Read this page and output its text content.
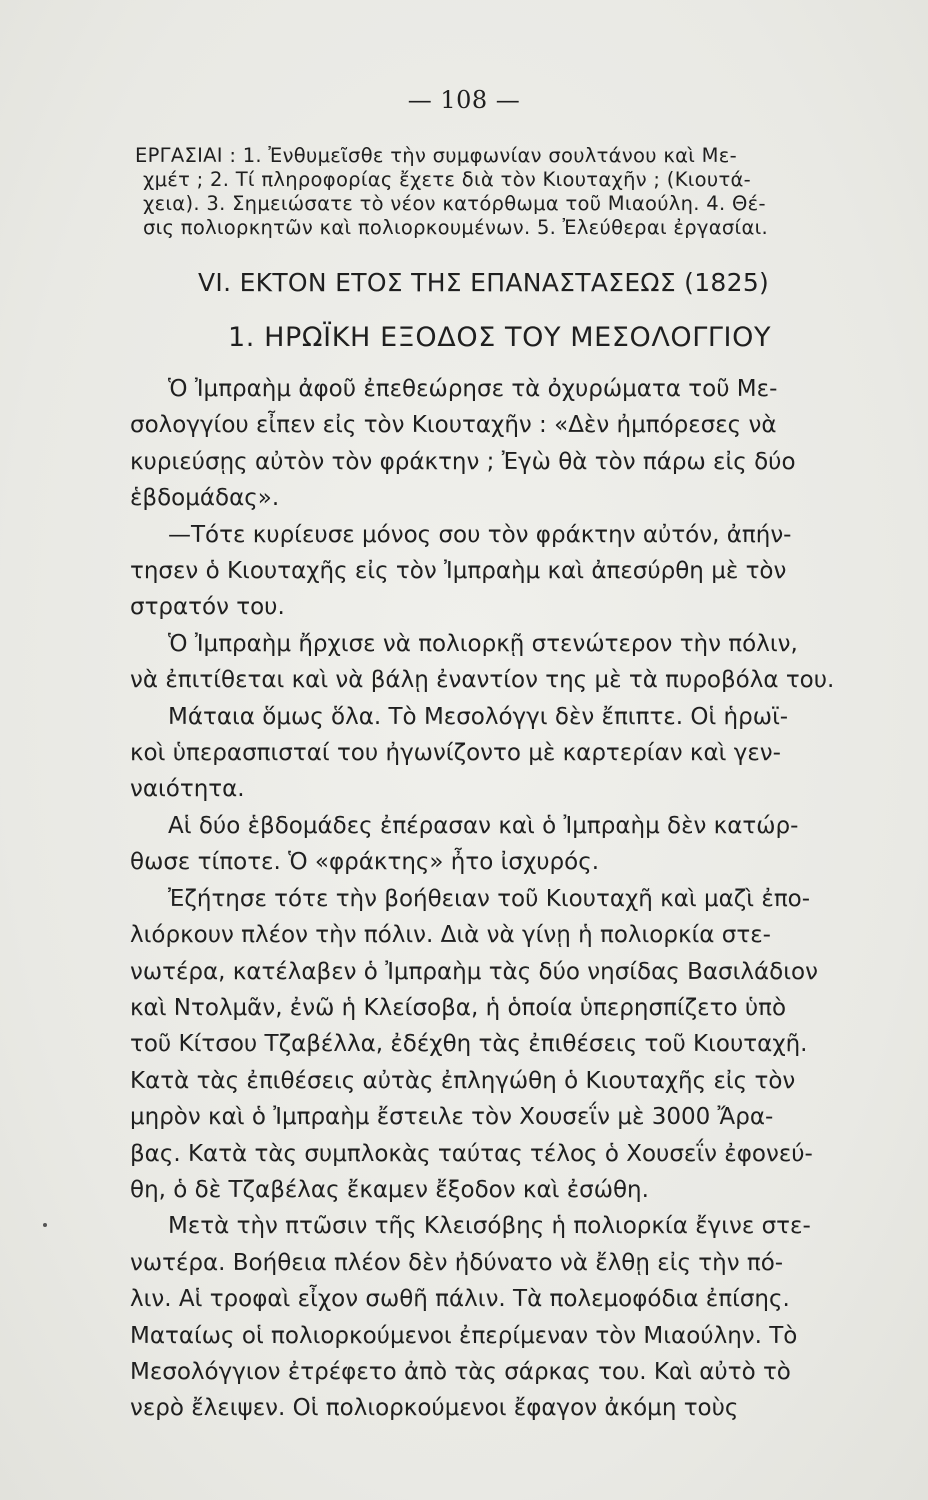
— 108 —
ΕΡΓΑΣΙΑΙ : 1. Ἐνθυμεῖσθε τὴν συμφωνίαν σουλτάνου καὶ Με-
χμέτ ; 2. Τί πληροφορίας ἔχετε διὰ τὸν Κιουταχῆν ; (Κιουτά-
χεια). 3. Σημειώσατε τὸ νέον κατόρθωμα τοῦ Μιαούλη. 4. Θέ-
σις πολιορκητῶν καὶ πολιορκουμένων. 5. Ἐλεύθεραι ἐργασίαι.
VI. ΕΚΤΟΝ ΕΤΟΣ ΤΗΣ ΕΠΑΝΑΣΤΑΣΕΩΣ (1825)
1. ΗΡΩΪΚΗ ΕΞΟΔΟΣ ΤΟΥ ΜΕΣΟΛΟΓΓΙΟΥ
Ὁ Ἰμπραὴμ ἀφοῦ ἐπεθεώρησε τὰ ὀχυρώματα τοῦ Με-
σολογγίου εἶπεν εἰς τὸν Κιουταχῆν : «Δὲν ἠμπόρεσες νὰ
κυριεύσῃς αὐτὸν τὸν φράκτην ; Ἐγὼ θὰ τὸν πάρω εἰς δύο
ἑβδομάδας».
—Τότε κυρίευσε μόνος σου τὸν φράκτην αὐτόν, ἀπήν-
τησεν ὁ Κιουταχῆς εἰς τὸν Ἰμπραὴμ καὶ ἀπεσύρθη μὲ τὸν
στρατόν του.
Ὁ Ἰμπραὴμ ἤρχισε νὰ πολιορκῇ στενώτερον τὴν πόλιν,
νὰ ἐπιτίθεται καὶ νὰ βάλῃ ἐναντίον της μὲ τὰ πυροβόλα του.
Μάταια ὅμως ὅλα. Τὸ Μεσολόγγι δὲν ἔπιπτε. Οἱ ἡρωϊ-
κοὶ ὑπερασπισταί του ἠγωνίζοντο μὲ καρτερίαν καὶ γεν-
ναιότητα.
Αἱ δύο ἑβδομάδες ἐπέρασαν καὶ ὁ Ἰμπραὴμ δὲν κατώρ-
θωσε τίποτε. Ὁ «φράκτης» ἦτο ἰσχυρός.
Ἐζήτησε τότε τὴν βοήθειαν τοῦ Κιουταχῆ καὶ μαζὶ ἐπο-
λιόρκουν πλέον τὴν πόλιν. Διὰ νὰ γίνῃ ἡ πολιορκία στε-
νωτέρα, κατέλαβεν ὁ Ἰμπραὴμ τὰς δύο νησίδας Βασιλάδιον
καὶ Ντολμᾶν, ἐνῶ ἡ Κλείσοβα, ἡ ὁποία ὑπερησπίζετο ὑπὸ
τοῦ Κίτσου Τζαβέλλα, ἐδέχθη τὰς ἐπιθέσεις τοῦ Κιουταχῆ.
Κατὰ τὰς ἐπιθέσεις αὐτὰς ἐπληγώθη ὁ Κιουταχῆς εἰς τὸν
μηρὸν καὶ ὁ Ἰμπραὴμ ἔστειλε τὸν Χουσεΐν μὲ 3000 Ἄρα-
βας. Κατὰ τὰς συμπλοκὰς ταύτας τέλος ὁ Χουσεΐν ἐφονεύ-
θη, ὁ δὲ Τζαβέλας ἔκαμεν ἔξοδον καὶ ἐσώθη.
Μετὰ τὴν πτῶσιν τῆς Κλεισόβης ἡ πολιορκία ἔγινε στε-
νωτέρα. Βοήθεια πλέον δὲν ἠδύνατο νὰ ἔλθῃ εἰς τὴν πό-
λιν. Αἱ τροφαὶ εἶχον σωθῆ πάλιν. Τὰ πολεμοφόδια ἐπίσης.
Ματαίως οἱ πολιορκούμενοι ἐπερίμεναν τὸν Μιαούλην. Τὸ
Μεσολόγγιον ἐτρέφετο ἀπὸ τὰς σάρκας του. Καὶ αὐτὸ τὸ
νερὸ ἔλειψεν. Οἱ πολιορκούμενοι ἔφαγον ἀκόμη τοὺς
